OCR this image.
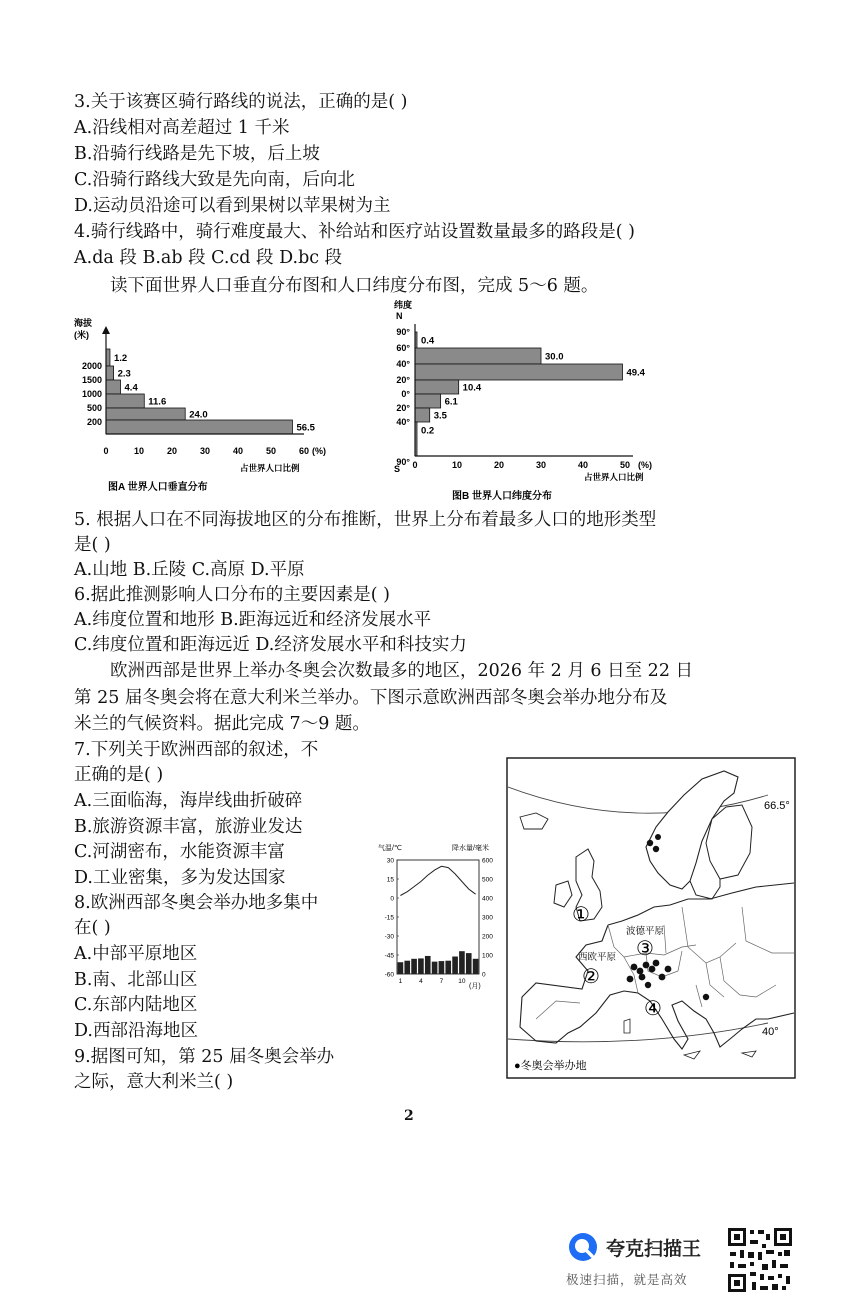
3.关于该赛区骑行路线的说法，正确的是( )
A.沿线相对高差超过 1 千米
B.沿骑行线路是先下坡，后上坡
C.沿骑行路线大致是先向南，后向北
D.运动员沿途可以看到果树以苹果树为主
4.骑行线路中，骑行难度最大、补给站和医疗站设置数量最多的路段是( )
A.da 段 B.ab 段 C.cd 段 D.bc 段
读下面世界人口垂直分布图和人口纬度分布图，完成 5～6 题。
海拔
(米)
2000
1500
1000
500
200
1.2
2.3
4.4
11.6
24.0
56.5
0	10	20	30	40	50	60 (%)
占世界人口比例
图A 世界人口垂直分布
纬度
N
S
90°
60°
40°
20°
0°
20°
40°
90°
0.4
30.0
49.4
10.4
6.1
3.5
0.2
0	10	20	30	40	50 (%)
占世界人口比例
图B 世界人口纬度分布
5. 根据人口在不同海拔地区的分布推断，世界上分布着最多人口的地形类型
是( )
A.山地 B.丘陵 C.高原 D.平原
6.据此推测影响人口分布的主要因素是( )
A.纬度位置和地形 B.距海远近和经济发展水平
C.纬度位置和距海远近 D.经济发展水平和科技实力
欧洲西部是世界上举办冬奥会次数最多的地区，2026 年 2 月 6 日至 22 日
第 25 届冬奥会将在意大利米兰举办。下图示意欧洲西部冬奥会举办地分布及
米兰的气候资料。据此完成 7～9 题。
7.下列关于欧洲西部的叙述，不
正确的是( )
A.三面临海，海岸线曲折破碎
B.旅游资源丰富，旅游业发达
C.河湖密布，水能资源丰富
D.工业密集，多为发达国家
8.欧洲西部冬奥会举办地多集中
在( )
A.中部平原地区
B.南、北部山区
C.东部内陆地区
D.西部沿海地区
9.据图可知，第 25 届冬奥会举办
之际，意大利米兰( )
气温/℃	降水量/毫米
30
15
0
-15
-30
-45
-60
600
500
400
300
200
100
0
1	4	7 10
(月)
66.5°
40°
波德平原
西欧平原
①
②
③
④
●冬奥会举办地
2
夸克扫描王
极速扫描，就是高效
